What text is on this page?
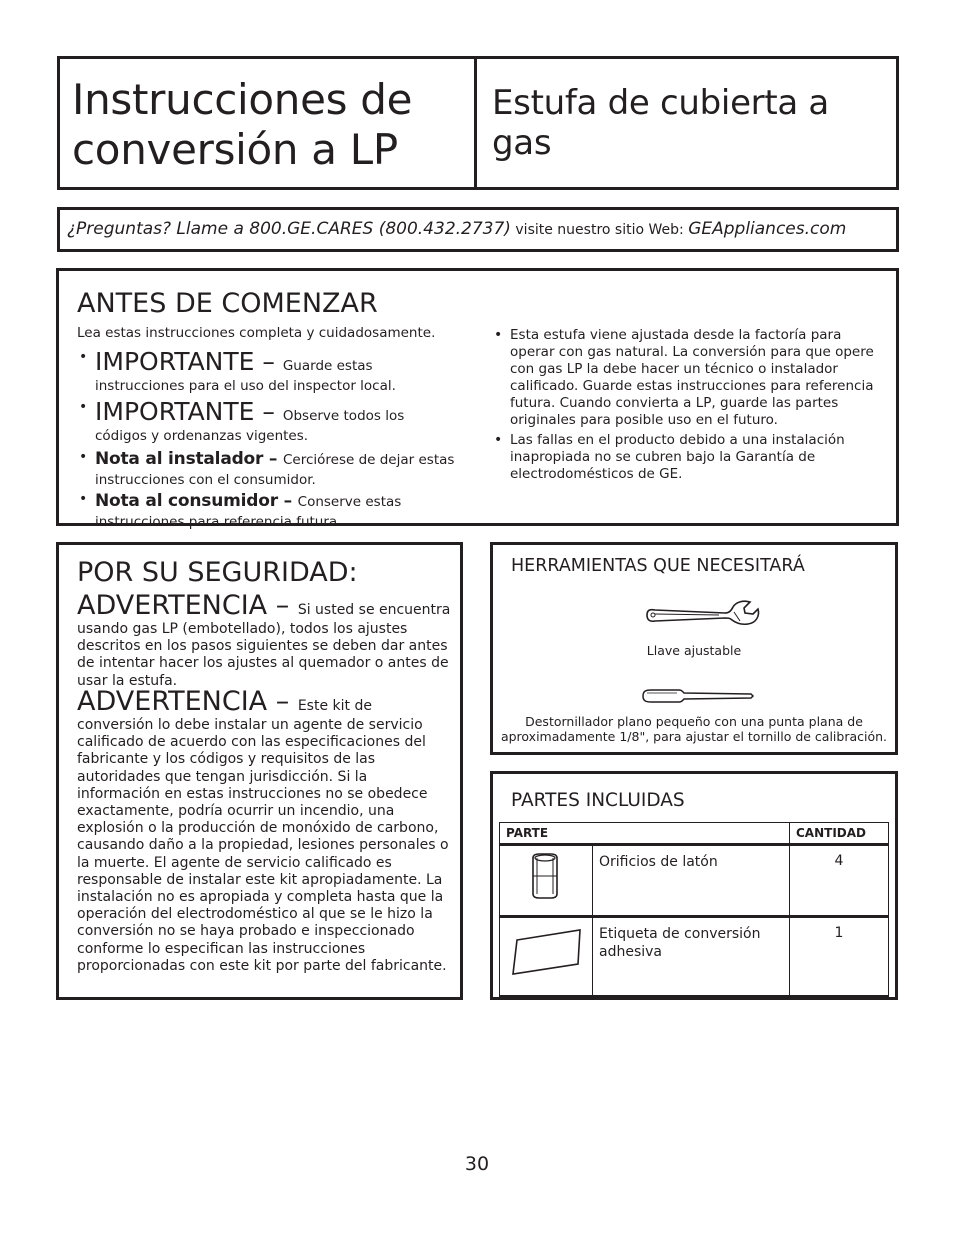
Instrucciones de
conversión a LP
Estufa de cubierta a gas
¿Preguntas? Llame a 800.GE.CARES (800.432.2737) visite nuestro sitio Web: GEAppliances.com
ANTES DE COMENZAR
Lea estas instrucciones completa y cuidadosamente.
• IMPORTANTE – Guarde estas
instrucciones para el uso del inspector local.
• IMPORTANTE – Observe todos los
códigos y ordenanzas vigentes.
• Nota al instalador – Cerciórese de dejar estas
instrucciones con el consumidor.
• Nota al consumidor – Conserve estas
instrucciones para referencia futura.
• Esta estufa viene ajustada desde la factoría para operar con gas natural. La conversión para que opere con gas LP la debe hacer un técnico o instalador calificado. Guarde estas instrucciones para referencia futura. Cuando convierta a LP, guarde las partes originales para posible uso en el futuro.
• Las fallas en el producto debido a una instalación inapropiada no se cubren bajo la Garantía de electrodomésticos de GE.
POR SU SEGURIDAD:
ADVERTENCIA – Si usted se encuentra usando gas LP (embotellado), todos los ajustes descritos en los pasos siguientes se deben dar antes de intentar hacer los ajustes al quemador o antes de usar la estufa.
ADVERTENCIA – Este kit de conversión lo debe instalar un agente de servicio calificado de acuerdo con las especificaciones del fabricante y los códigos y requisitos de las autoridades que tengan jurisdicción. Si la información en estas instrucciones no se obedece exactamente, podría ocurrir un incendio, una explosión o la producción de monóxido de carbono, causando daño a la propiedad, lesiones personales o la muerte. El agente de servicio calificado es responsable de instalar este kit apropiadamente. La instalación no es apropiada y completa hasta que la operación del electrodoméstico al que se le hizo la conversión no se haya probado e inspeccionado conforme lo especifican las instrucciones proporcionadas con este kit por parte del fabricante.
HERRAMIENTAS QUE NECESITARÁ
Llave ajustable
Destornillador plano pequeño con una punta plana de
aproximadamente 1/8", para ajustar el tornillo de calibración.
PARTES INCLUIDAS
PARTE		CANTIDAD
	Orificios de latón	4
	Etiqueta de conversión adhesiva	1
30
